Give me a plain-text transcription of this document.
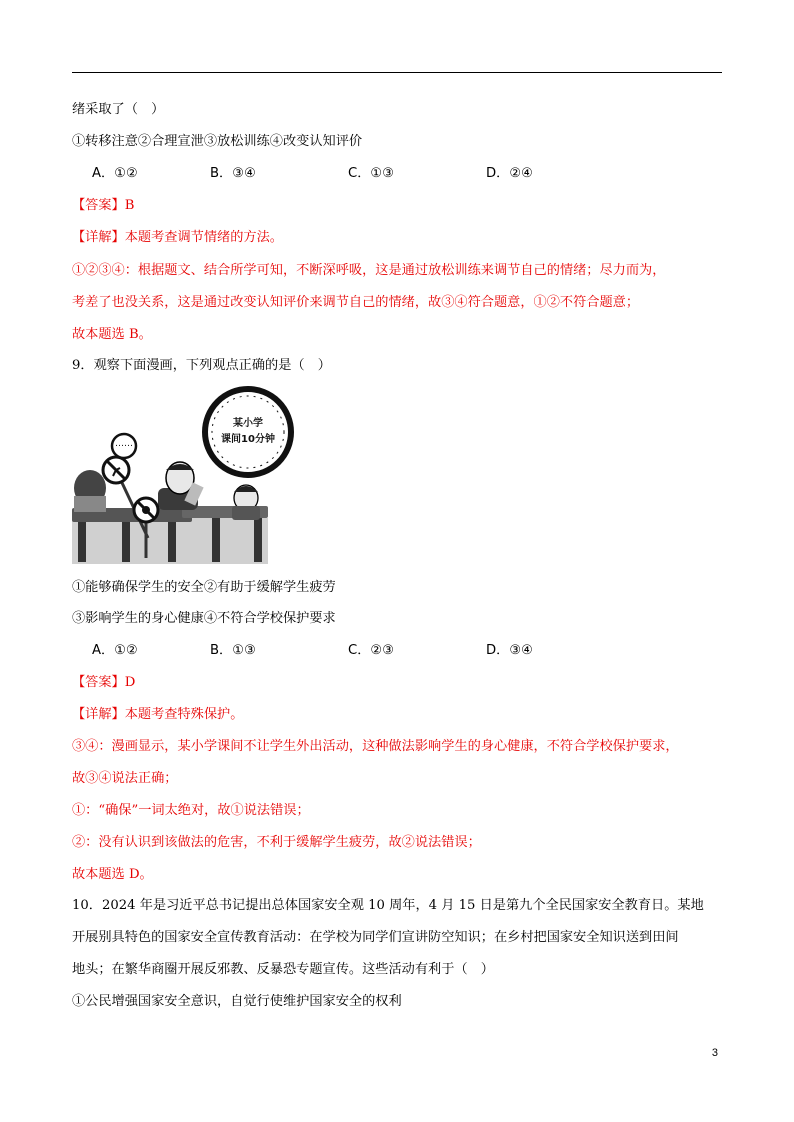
绪采取了（　）
①转移注意②合理宣泄③放松训练④改变认知评价
A．①②	B．③④	C．①③	D．②④
【答案】B
【详解】本题考查调节情绪的方法。
①②③④：根据题文、结合所学可知，不断深呼吸，这是通过放松训练来调节自己的情绪；尽力而为，
考差了也没关系，这是通过改变认知评价来调节自己的情绪，故③④符合题意，①②不符合题意；
故本题选 B。
9．观察下面漫画，下列观点正确的是（　）
……
某小学
课间10分钟
①能够确保学生的安全②有助于缓解学生疲劳
③影响学生的身心健康④不符合学校保护要求
A．①②	B．①③	C．②③	D．③④
【答案】D
【详解】本题考查特殊保护。
③④：漫画显示，某小学课间不让学生外出活动，这种做法影响学生的身心健康，不符合学校保护要求，
故③④说法正确；
①：“确保”一词太绝对，故①说法错误；
②：没有认识到该做法的危害，不利于缓解学生疲劳，故②说法错误；
故本题选 D。
10．2024 年是习近平总书记提出总体国家安全观 10 周年，4 月 15 日是第九个全民国家安全教育日。某地
开展别具特色的国家安全宣传教育活动：在学校为同学们宣讲防空知识；在乡村把国家安全知识送到田间
地头；在繁华商圈开展反邪教、反暴恐专题宣传。这些活动有利于（　）
①公民增强国家安全意识，自觉行使维护国家安全的权利
3
